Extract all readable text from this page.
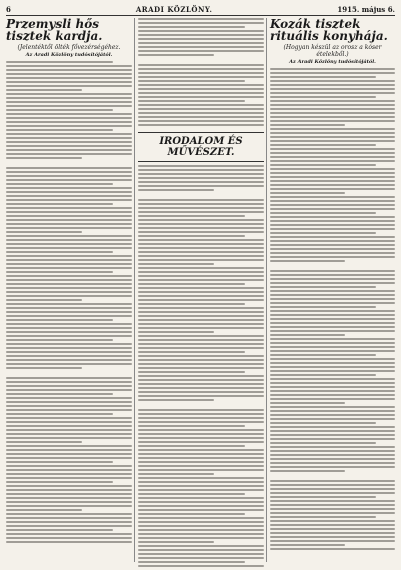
6	ARADI KÖZLÖNY.	1915. május 6.
Przemysli hős tisztek kardja.
(Jelentéktől ölték fővezérségéhez.
Az Aradi Közlöny tudósítójától.
IRODALOM ÉS MŰVÉSZET.
Kozák tisztek rituális konyhája.
(Hogyan készül az orosz a kóser ételekből.)
Az Aradi Közlöny tudósítójától.
